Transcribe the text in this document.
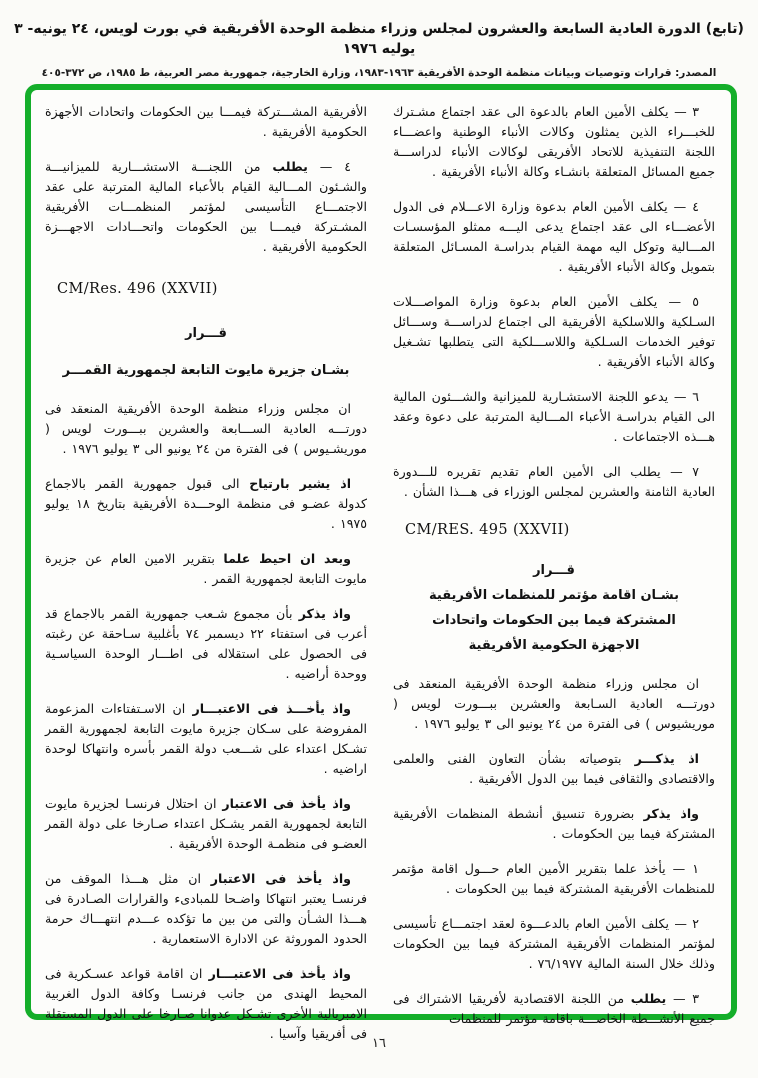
(تابع) الدورة العادية السابعة والعشرون لمجلس وزراء منظمة الوحدة الأفريقية في بورت لويس، ٢٤ يونيه- ٣ يوليه ١٩٧٦
المصدر: قرارات وتوصيات وبيانات منظمة الوحدة الأفريقية ١٩٦٣-١٩٨٣، وزارة الخارجية، جمهورية مصر العربية، ط ١٩٨٥، ص ٣٧٢-٤٠٥

٣ — يكلف الأمين العام بالدعوة الى عقد اجتماع مشـترك للخبـــراء الذين يمثلون وكالات الأنباء الوطنية واعضـــاء اللجنة التنفيذية للاتحاد الأفريقى لوكالات الأنباء لدراســـة جميع المسائل المتعلقة بانشـاء وكالة الأنباء الأفريقية .

٤ — يكلف الأمين العام بدعوة وزارة الاعـــلام فى الدول الأعضـــاء الى عقد اجتماع يدعى اليـــه ممثلو المؤسسـات المـــالية وتوكل اليه مهمة القيام بدراسـة المسـائل المتعلقة بتمويل وكالة الأنباء الأفريقية .

٥ — يكلف الأمين العام بدعوة وزارة المواصـــلات السـلكية واللاسلكية الأفريقية الى اجتماع لدراســـة وســـائل توفير الخدمات السـلكية واللاســـلكية التى يتطلبها تشـغيل وكالة الأنباء الأفريقية .

٦ — يدعو اللجنة الاستشـارية للميزانية والشـــئون المالية الى القيام بدراسـة الأعباء المـــالية المترتبة على دعوة وعقد هـــذه الاجتماعات .

٧ — يطلب الى الأمين العام تقديم تقريره للـــدورة العادية الثامنة والعشرين لمجلس الوزراء فى هـــذا الشأن .

CM/RES. 495 (XXVII)
قـــرار
بشـان اقامة مؤتمر للمنظمات الأفريقية
المشتركة فيما بين الحكومات واتحادات
الاجهزة الحكومية الأفريقية

ان مجلس وزراء منظمة الوحدة الأفريقية المنعقد فى دورتـــه العادية السـابعة والعشرين ببـــورت لويس ( موريشيوس ) فى الفترة من ٢٤ يونيو الى ٣ يوليو ١٩٧٦ .

اذ يذكـــر بتوصياته بشأن التعاون الفنى والعلمى والاقتصادى والثقافى فيما بين الدول الأفريقية .

واذ يذكر بضرورة تنسيق أنشطة المنظمات الأفريقية المشتركة فيما بين الحكومات .

١ — يأخذ علما بتقرير الأمين العام حـــول اقامة مؤتمر للمنظمات الأفريقية المشتركة فيما بين الحكومات .

٢ — يكلف الأمين العام بالدعـــوة لعقد اجتمـــاع تأسيسى لمؤتمر المنظمات الأفريقية المشتركة فيما بين الحكومات وذلك خلال السنة المالية ٧٦/١٩٧٧ .

٣ — يطلب من اللجنة الاقتصادية لأفريقيا الاشتراك فى جميع الأنشـــطة الخاصـــة باقامة مؤتمر للمنظمات

الأفريقية المشـــتركة فيمـــا بين الحكومات واتحادات الأجهزة الحكومية الأفريقية .

٤ — يطلب من اللجنـــة الاستشـــارية للميزانيـــة والشـئون المـــالية القيام بالأعباء المالية المترتبة على عقد الاجتمـــاع التأسيسى لمؤتمر المنظمـــات الأفريقية المشـتركة فيمـــا بين الحكومات واتحـــادات الاجهـــزة الحكومية الأفريقية .

CM/Res. 496 (XXVII)
قـــرار
بشـان جزيرة مايوت التابعة لجمهورية القمـــر

ان مجلس وزراء منظمة الوحدة الأفريقية المنعقد فى دورتـــه العادية الســـابعة والعشرين ببـــورت لويس ( موريشـيوس ) فى الفترة من ٢٤ يونيو الى ٣ يوليو ١٩٧٦ .

اذ يشير بارتياح الى قبول جمهورية القمر بالاجماع كدولة عضـو فى منظمة الوحـــدة الأفريقية بتاريخ ١٨ يوليو ١٩٧٥ .

وبعد ان احيط علما بتقرير الامين العام عن جزيرة مايوت التابعة لجمهورية القمر .

واذ يذكر بأن مجموع شـعب جمهورية القمر بالاجماع قد أعرب فى استفتاء ٢٢ ديسمبر ٧٤ بأغلبية سـاحقة عن رغبته فى الحصول على استقلاله فى اطـــار الوحدة السياسـية ووحدة أراضيه .

واذ يأخـــذ فى الاعتبـــار ان الاسـتفتاءات المزعومة المفروضة على سـكان جزيرة مايوت التابعة لجمهورية القمر تشـكل اعتداء على شـــعب دولة القمر بأسره وانتهاكا لوحدة اراضيه .

واذ يأخذ فى الاعتبار ان احتلال فرنسـا لجزيرة مايوت التابعة لجمهورية القمر يشـكل اعتداء صـارخا على دولة القمر العضـو فى منظمـة الوحدة الأفريقية .

واذ يأخذ فى الاعتبار ان مثل هـــذا الموقف من فرنسـا يعتبر انتهاكا واضـحا للمبادىء والقرارات الصـادرة فى هـــذا الشـأن والتى من بين ما تؤكده عـــدم انتهـــاك حرمة الحدود الموروثة عن الادارة الاستعمارية .

واذ يأخذ فى الاعتبـــار ان اقامة قواعد عسـكرية فى المحيط الهندى من جانب فرنسـا وكافة الدول الغربية الامبريالية الأخرى تشـكل عدوانا صـارخا على الدول المستقلة فى أفريقيا وآسيا .

١٦
